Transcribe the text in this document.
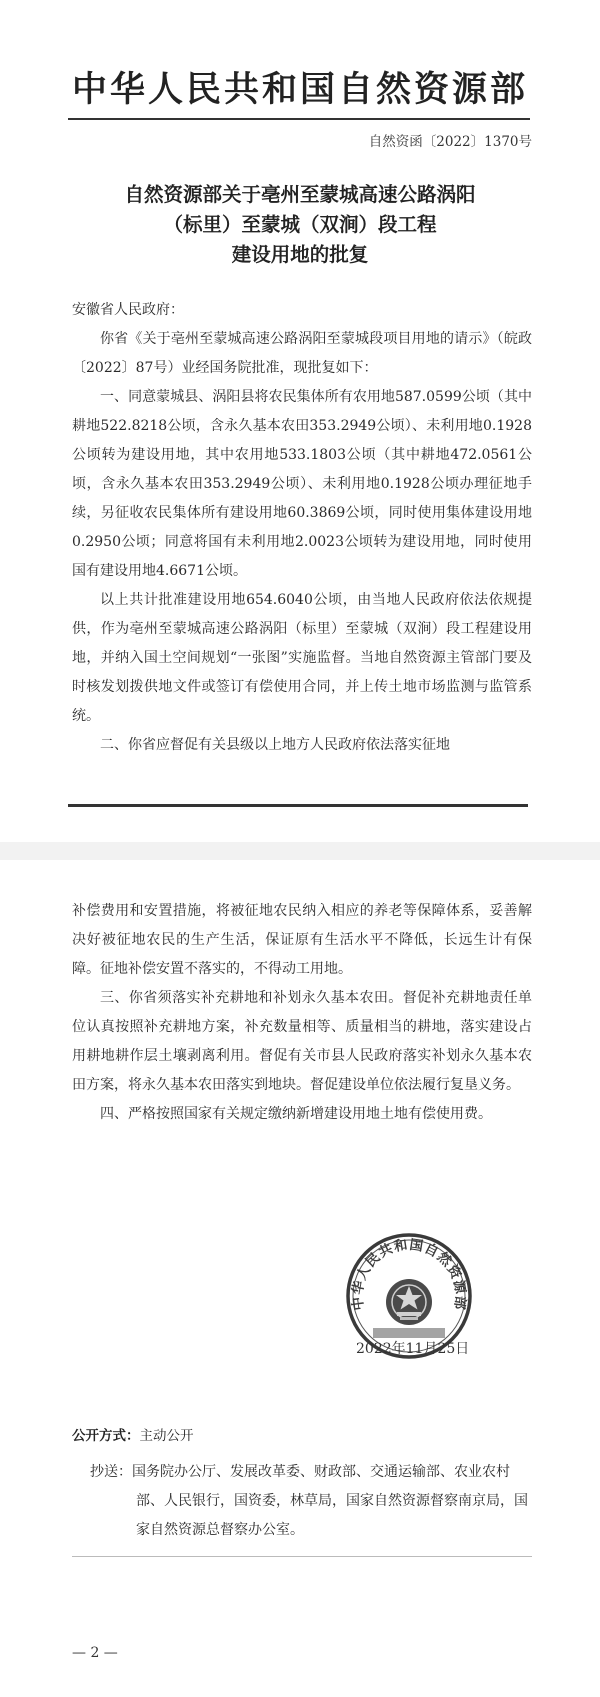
中华人民共和国自然资源部
自然资函〔2022〕1370号
自然资源部关于亳州至蒙城高速公路涡阳
（标里）至蒙城（双涧）段工程
建设用地的批复

安徽省人民政府：

你省《关于亳州至蒙城高速公路涡阳至蒙城段项目用地的请示》（皖政〔2022〕87号）业经国务院批准，现批复如下：

一、同意蒙城县、涡阳县将农民集体所有农用地587.0599公顷（其中耕地522.8218公顷，含永久基本农田353.2949公顷）、未利用地0.1928公顷转为建设用地，其中农用地533.1803公顷（其中耕地472.0561公顷，含永久基本农田353.2949公顷）、未利用地0.1928公顷办理征地手续，另征收农民集体所有建设用地60.3869公顷，同时使用集体建设用地0.2950公顷；同意将国有未利用地2.0023公顷转为建设用地，同时使用国有建设用地4.6671公顷。

以上共计批准建设用地654.6040公顷，由当地人民政府依法依规提供，作为亳州至蒙城高速公路涡阳（标里）至蒙城（双涧）段工程建设用地，并纳入国土空间规划“一张图”实施监督。当地自然资源主管部门要及时核发划拨供地文件或签订有偿使用合同，并上传土地市场监测与监管系统。

二、你省应督促有关县级以上地方人民政府依法落实征地

补偿费用和安置措施，将被征地农民纳入相应的养老等保障体系，妥善解决好被征地农民的生产生活，保证原有生活水平不降低，长远生计有保障。征地补偿安置不落实的，不得动工用地。

三、你省须落实补充耕地和补划永久基本农田。督促补充耕地责任单位认真按照补充耕地方案，补充数量相等、质量相当的耕地，落实建设占用耕地耕作层土壤剥离利用。督促有关市县人民政府落实补划永久基本农田方案，将永久基本农田落实到地块。督促建设单位依法履行复垦义务。

四、严格按照国家有关规定缴纳新增建设用地土地有偿使用费。

中华人民共和国自然资源部
2022年11月25日
公开方式：主动公开
抄送：国务院办公厅、发展改革委、财政部、交通运输部、农业农村部、人民银行，国资委，林草局，国家自然资源督察南京局，国家自然资源总督察办公室。
— 2 —
